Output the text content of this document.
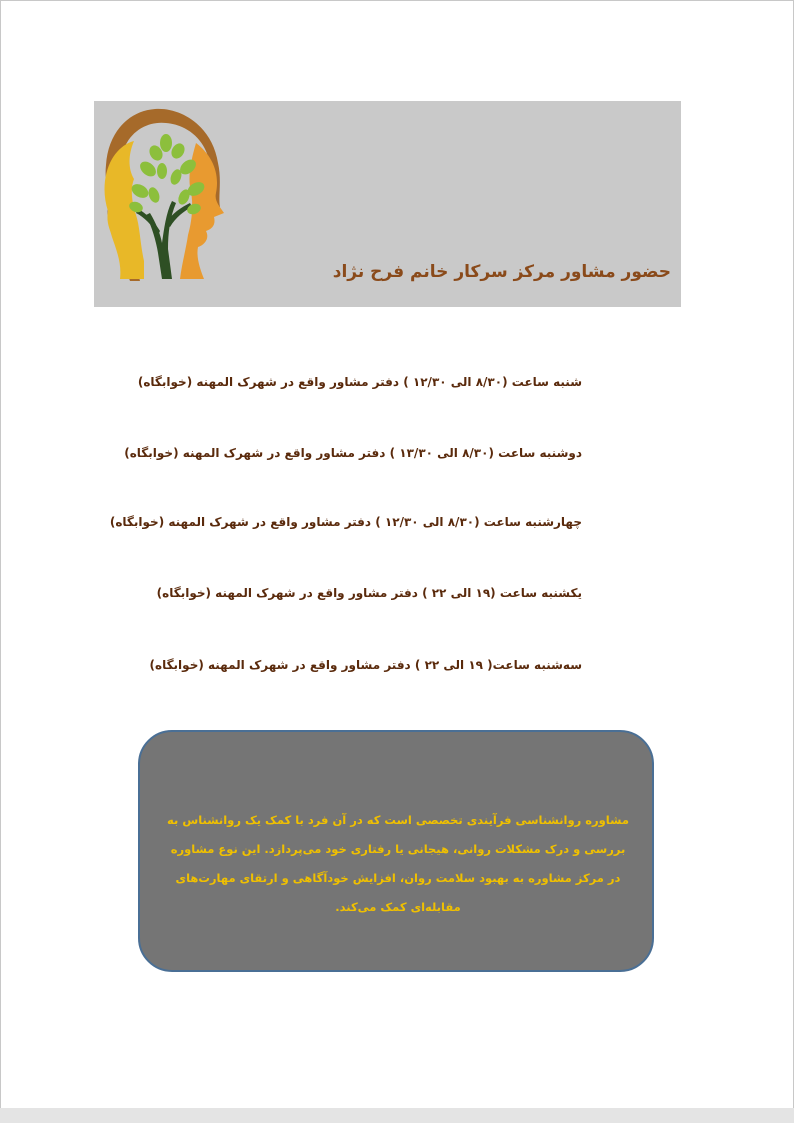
حضور مشاور مرکز سرکار خانم فرح نژاد
شنبه ساعت (۸/۳۰ الی ۱۲/۳۰ ) دفتر مشاور واقع در شهرک المهنه (خوابگاه)
دوشنبه ساعت (۸/۳۰ الی ۱۳/۳۰ ) دفتر مشاور واقع در شهرک المهنه (خوابگاه)
چهارشنبه ساعت (۸/۳۰ الی ۱۲/۳۰ ) دفتر مشاور واقع در شهرک المهنه (خوابگاه)
یکشنبه ساعت (۱۹ الی ۲۲ ) دفتر مشاور واقع در شهرک المهنه (خوابگاه)
سه‌شنبه ساعت( ۱۹ الی ۲۲ ) دفتر مشاور واقع در شهرک المهنه (خوابگاه)
مشاوره روانشناسی فرآیندی تخصصی است که در آن فرد با کمک یک روانشناس به بررسی و درک مشکلات روانی، هیجانی یا رفتاری خود می‌پردازد. این نوع مشاوره در مرکز مشاوره به بهبود سلامت روان، افزایش خودآگاهی و ارتقای مهارت‌های مقابله‌ای کمک می‌کند.
